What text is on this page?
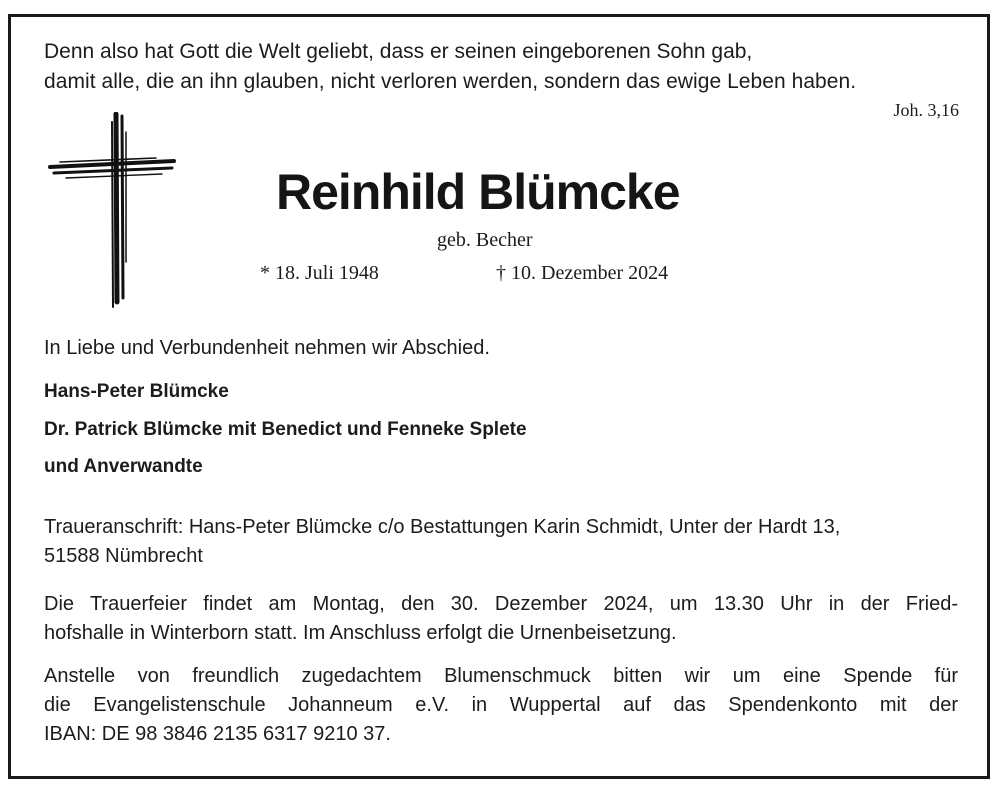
Denn also hat Gott die Welt geliebt, dass er seinen eingeborenen Sohn gab,
damit alle, die an ihn glauben, nicht verloren werden, sondern das ewige Leben haben.
Joh. 3,16
Reinhild Blümcke
geb. Becher
* 18. Juli 1948	† 10. Dezember 2024
In Liebe und Verbundenheit nehmen wir Abschied.
Hans-Peter Blümcke
Dr. Patrick Blümcke mit Benedict und Fenneke Splete
und Anverwandte
Traueranschrift: Hans-Peter Blümcke c/o Bestattungen Karin Schmidt, Unter der Hardt 13,
51588 Nümbrecht
Die Trauerfeier findet am Montag, den 30. Dezember 2024, um 13.30 Uhr in der Fried-
hofshalle in Winterborn statt. Im Anschluss erfolgt die Urnenbeisetzung.
Anstelle von freundlich zugedachtem Blumenschmuck bitten wir um eine Spende für
die Evangelistenschule Johanneum e.V. in Wuppertal auf das Spendenkonto mit der
IBAN: DE 98 3846 2135 6317 9210 37.
